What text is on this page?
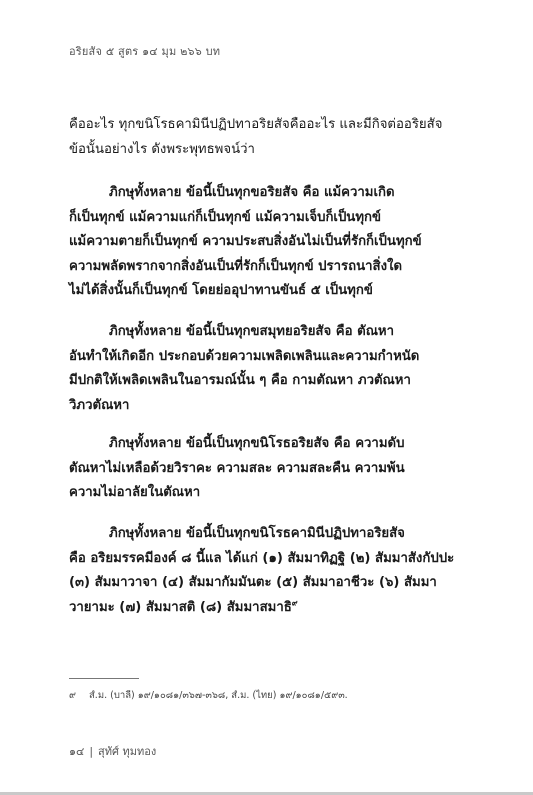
อริยสัจ ๕ สูตร ๑๔ มุม ๒๖๖ บท
คืออะไร ทุกขนิโรธคามินีปฏิปทาอริยสัจคืออะไร และมีกิจต่ออริยสัจ
ข้อนั้นอย่างไร ดังพระพุทธพจน์ว่า
ภิกษุทั้งหลาย ข้อนี้เป็นทุกขอริยสัจ คือ แม้ความเกิด
ก็เป็นทุกข์ แม้ความแก่ก็เป็นทุกข์ แม้ความเจ็บก็เป็นทุกข์
แม้ความตายก็เป็นทุกข์ ความประสบสิ่งอันไม่เป็นที่รักก็เป็นทุกข์
ความพลัดพรากจากสิ่งอันเป็นที่รักก็เป็นทุกข์ ปรารถนาสิ่งใด
ไม่ได้สิ่งนั้นก็เป็นทุกข์ โดยย่ออุปาทานขันธ์ ๕ เป็นทุกข์
ภิกษุทั้งหลาย ข้อนี้เป็นทุกขสมุทยอริยสัจ คือ ตัณหา
อันทำให้เกิดอีก ประกอบด้วยความเพลิดเพลินและความกำหนัด
มีปกติให้เพลิดเพลินในอารมณ์นั้น ๆ คือ กามตัณหา ภวตัณหา
วิภวตัณหา
ภิกษุทั้งหลาย ข้อนี้เป็นทุกขนิโรธอริยสัจ คือ ความดับ
ตัณหาไม่เหลือด้วยวิราคะ ความสละ ความสละคืน ความพ้น
ความไม่อาลัยในตัณหา
ภิกษุทั้งหลาย ข้อนี้เป็นทุกขนิโรธคามินีปฏิปทาอริยสัจ
คือ อริยมรรคมีองค์ ๘ นี้แล ได้แก่ (๑) สัมมาทิฏฐิ (๒) สัมมาสังกัปปะ
(๓) สัมมาวาจา (๔) สัมมากัมมันตะ (๕) สัมมาอาชีวะ (๖) สัมมา
วายามะ (๗) สัมมาสติ (๘) สัมมาสมาธิ$^๙$
๙ สํ.ม. (บาลี) ๑๙/๑๐๘๑/๓๖๗-๓๖๘, สํ.ม. (ไทย) ๑๙/๑๐๘๑/๕๙๓.
๑๔ | สุทัศ์ ทุมทอง
